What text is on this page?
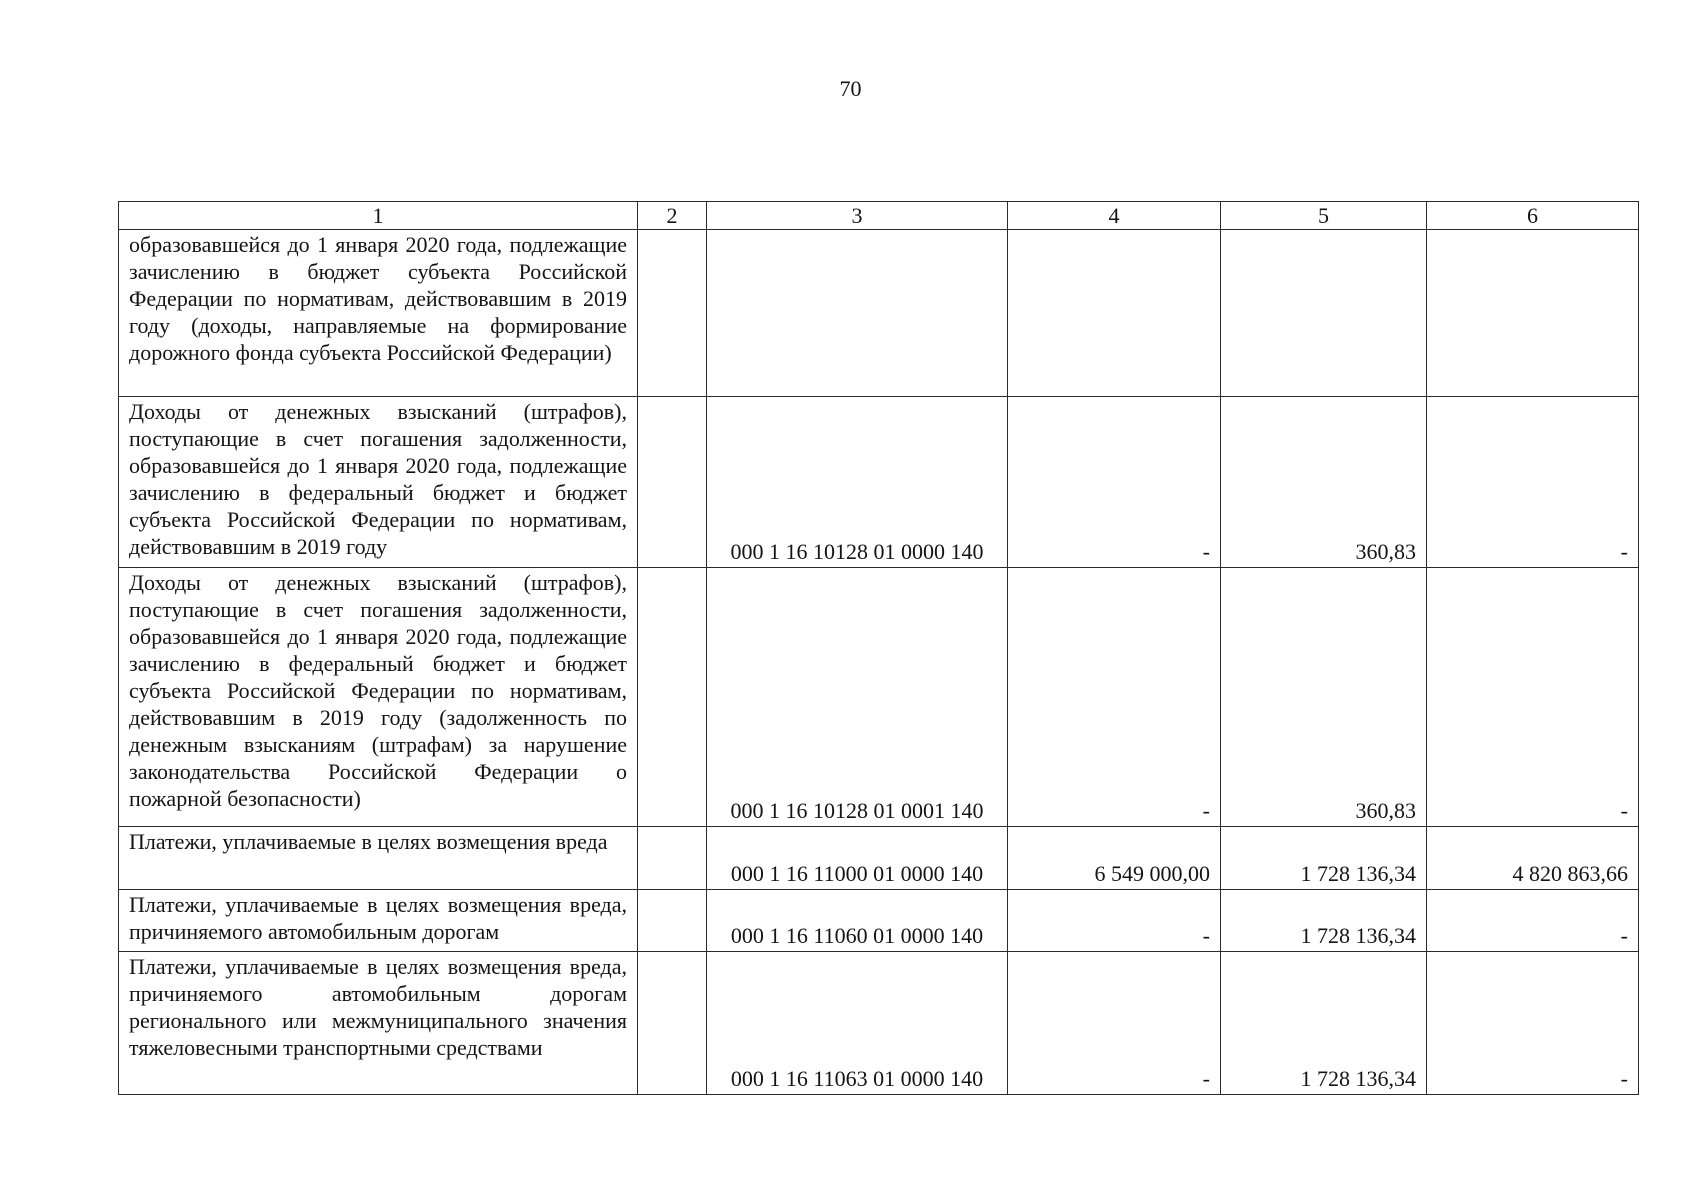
70
1	2	3	4	5	6
образовавшейся до 1 января 2020 года, подлежащие зачислению в бюджет субъекта Российской Федерации по нормативам, действовавшим в 2019 году (доходы, направляемые на формирование дорожного фонда субъекта Российской Федерации)					
Доходы от денежных взысканий (штрафов), поступающие в счет погашения задолженности, образовавшейся до 1 января 2020 года, подлежащие зачислению в федеральный бюджет и бюджет субъекта Российской Федерации по нормативам, действовавшим в 2019 году		000 1 16 10128 01 0000 140	-	360,83	-
Доходы от денежных взысканий (штрафов), поступающие в счет погашения задолженности, образовавшейся до 1 января 2020 года, подлежащие зачислению в федеральный бюджет и бюджет субъекта Российской Федерации по нормативам, действовавшим в 2019 году (задолженность по денежным взысканиям (штрафам) за нарушение законодательства Российской Федерации о пожарной безопасности)		000 1 16 10128 01 0001 140	-	360,83	-
Платежи, уплачиваемые в целях возмещения вреда		000 1 16 11000 01 0000 140	6 549 000,00	1 728 136,34	4 820 863,66
Платежи, уплачиваемые в целях возмещения вреда, причиняемого автомобильным дорогам		000 1 16 11060 01 0000 140	-	1 728 136,34	-
Платежи, уплачиваемые в целях возмещения вреда, причиняемого автомобильным дорогам регионального или межмуниципального значения тяжеловесными транспортными средствами		000 1 16 11063 01 0000 140	-	1 728 136,34	-
